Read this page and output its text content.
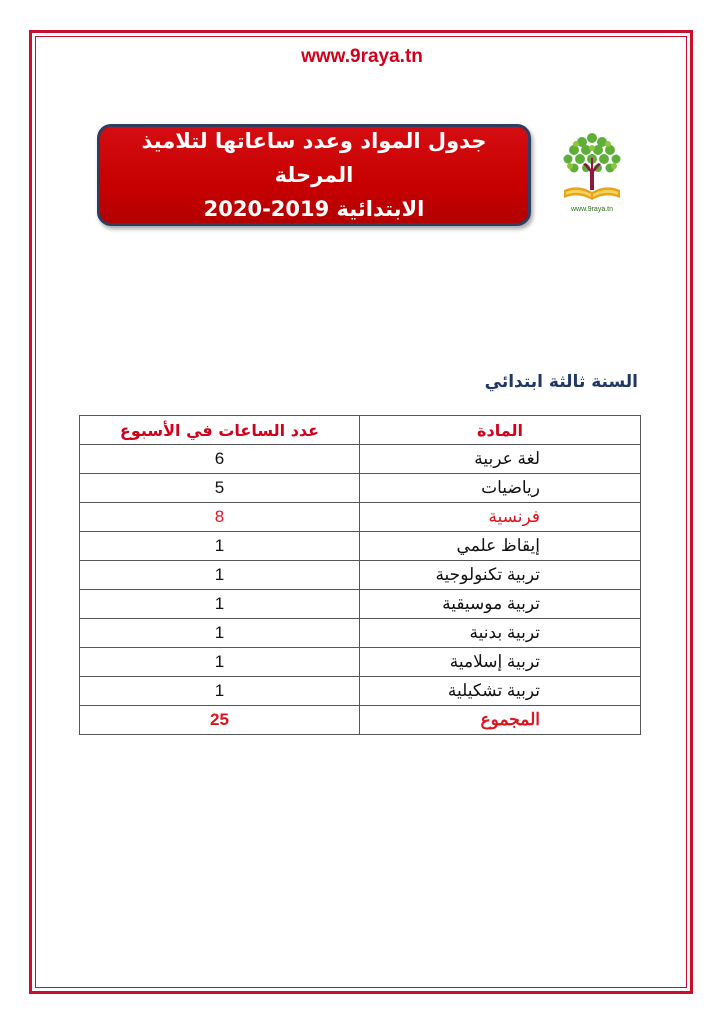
www.9raya.tn
جدول المواد وعدد ساعاتها لتلاميذ المرحلة
الابتدائية 2019-2020	www.9raya.tn
السنة ثالثة ابتدائي
المادة	عدد الساعات في الأسبوع
لغة عربية	6
رياضيات	5
فرنسية	8
إيقاظ علمي	1
تربية تكنولوجية	1
تربية موسيقية	1
تربية بدنية	1
تربية إسلامية	1
تربية تشكيلية	1
المجموع	25
